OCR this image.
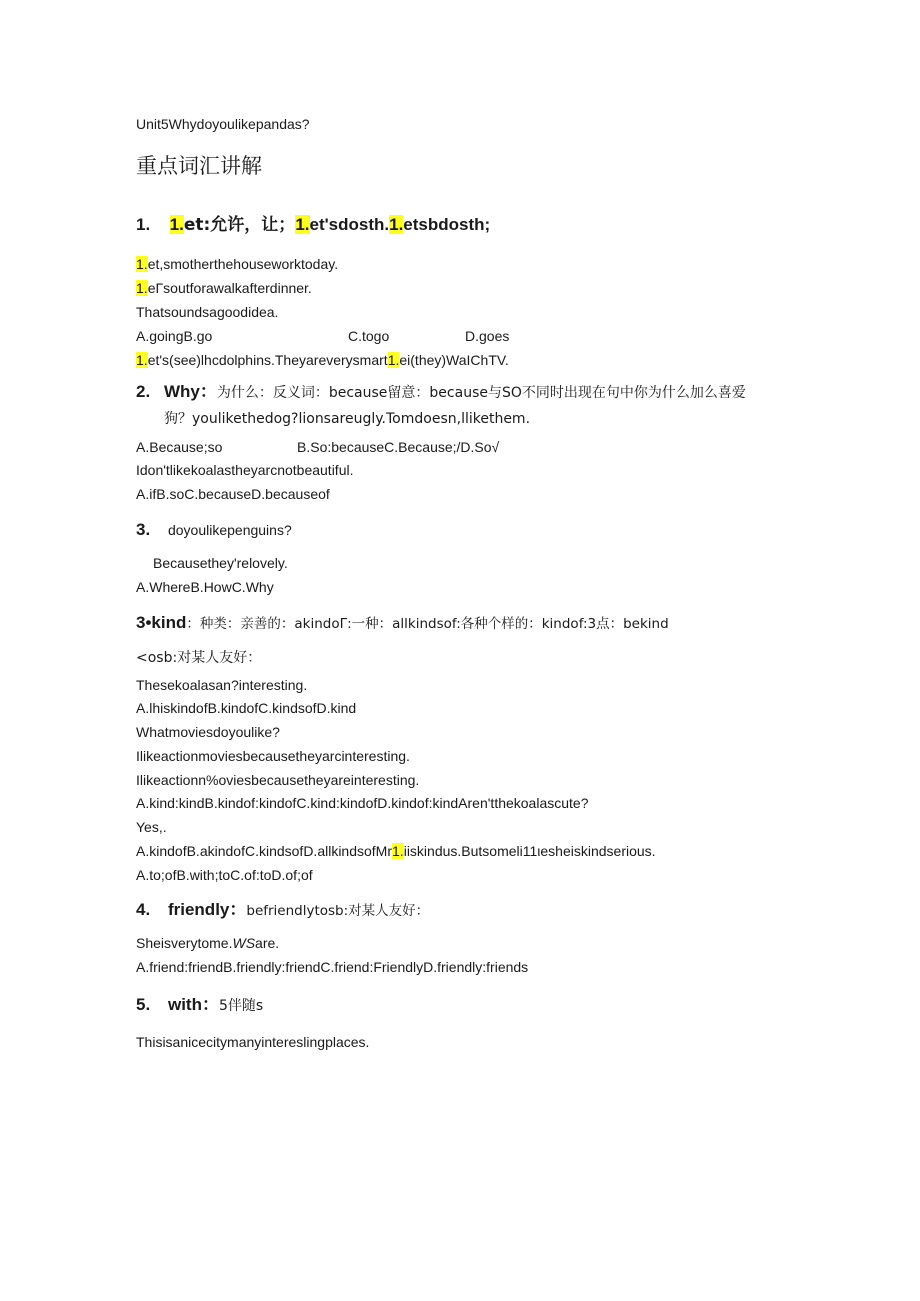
Unit5Whydoyoulikepandas?
重点词汇讲解
1. 1.et:允许，让；1.et'sdosth.1.etsbdosth;
1.et,smotherthehouseworktoday.
1.eΓsoutforawalkafterdinner.
Thatsoundsagoodidea.
A.goingB.go	C.togo	D.goes
1.et's(see)lhcdolphins.Theyareverysmart1.ei(they)WaIChTV.
2. Why：为什么：反义词：because留意：because与SO不同时出现在句中你为什么加么喜爱
狗？youlikethedog?lionsareugly.Tomdoesn,llikethem.
A.Because;so	B.So:becauseC.Because;/D.So√
Idon'tlikekoalastheyarcnotbeautiful.
A.ifB.soC.becauseD.becauseof
3. doyoulikepenguins?
Becausethey'relovely.
A.WhereB.HowC.Why
3•kind：种类：亲善的：akindoΓ:一种：allkindsof:各种个样的：kindof:3点：bekind
<osb:对某人友好：
Thesekoalasan?interesting.
A.lhiskindofB.kindofC.kindsofD.kind
Whatmoviesdoyoulike?
Ilikeactionmoviesbecausetheyarcinteresting.
Ilikeactionn%oviesbecausetheyareinteresting.
A.kind:kindB.kindof:kindofC.kind:kindofD.kindof:kindAren'tthekoalascute?
Yes,.
A.kindofB.akindofC.kindsofD.allkindsofMr1.iiskindus.Butsomeli11ιesheiskindserious.
A.to;ofB.with;toC.of:toD.of;of
4. friendly：befriendlytosb:对某人友好：
Sheisverytome.WSare.
A.friend:friendB.friendly:friendC.friend:FriendlyD.friendly:friends
5. with：5伴随s
Thisisanicecitymanyintereslingplaces.
